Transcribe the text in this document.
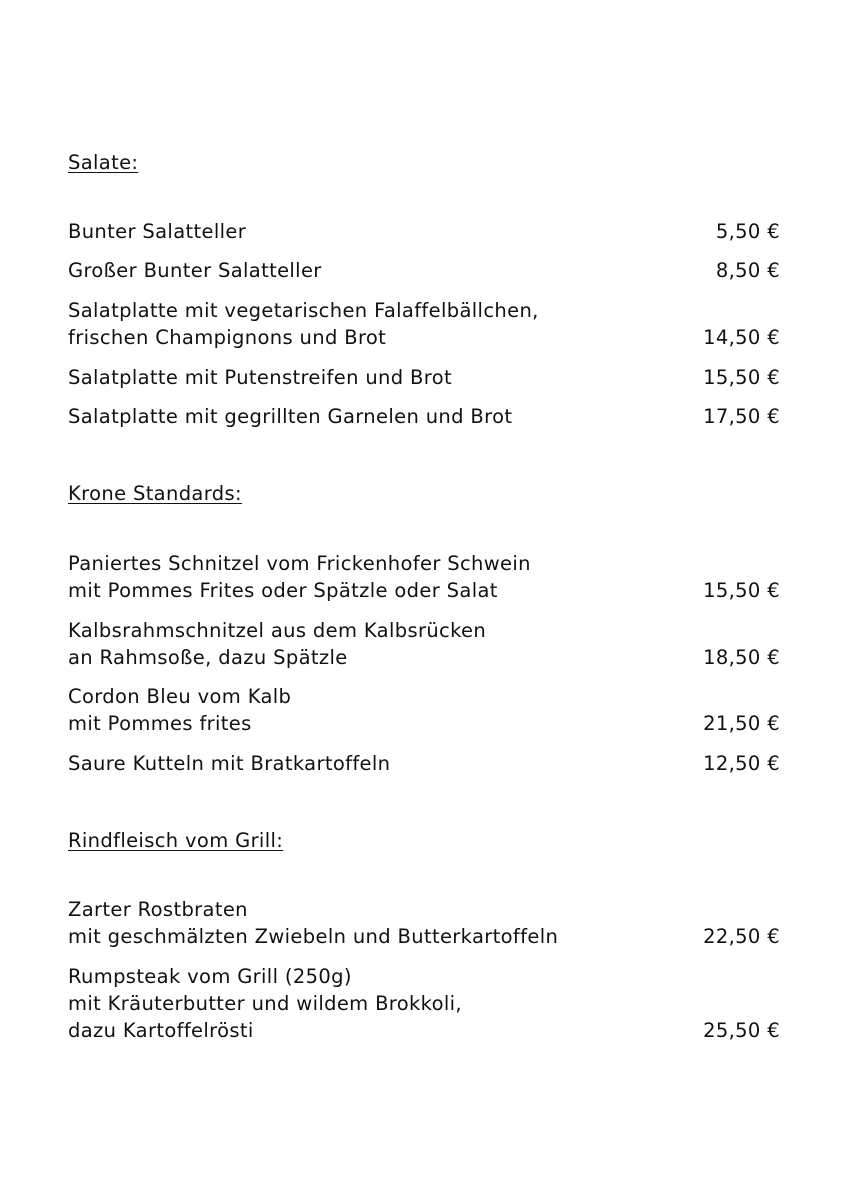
Salate:
Bunter Salatteller	5,50 €
Großer Bunter Salatteller	8,50 €
Salatplatte mit vegetarischen Falaffelbällchen,
frischen Champignons und Brot	14,50 €
Salatplatte mit Putenstreifen und Brot	15,50 €
Salatplatte mit gegrillten Garnelen und Brot	17,50 €
Krone Standards:
Paniertes Schnitzel vom Frickenhofer Schwein
mit Pommes Frites oder Spätzle oder Salat	15,50 €
Kalbsrahmschnitzel aus dem Kalbsrücken
an Rahmsoße, dazu Spätzle	18,50 €
Cordon Bleu vom Kalb
mit Pommes frites	21,50 €
Saure Kutteln mit Bratkartoffeln	12,50 €
Rindfleisch vom Grill:
Zarter Rostbraten
mit geschmälzten Zwiebeln und Butterkartoffeln	22,50 €
Rumpsteak vom Grill (250g)
mit Kräuterbutter und wildem Brokkoli,
dazu Kartoffelrösti	25,50 €
